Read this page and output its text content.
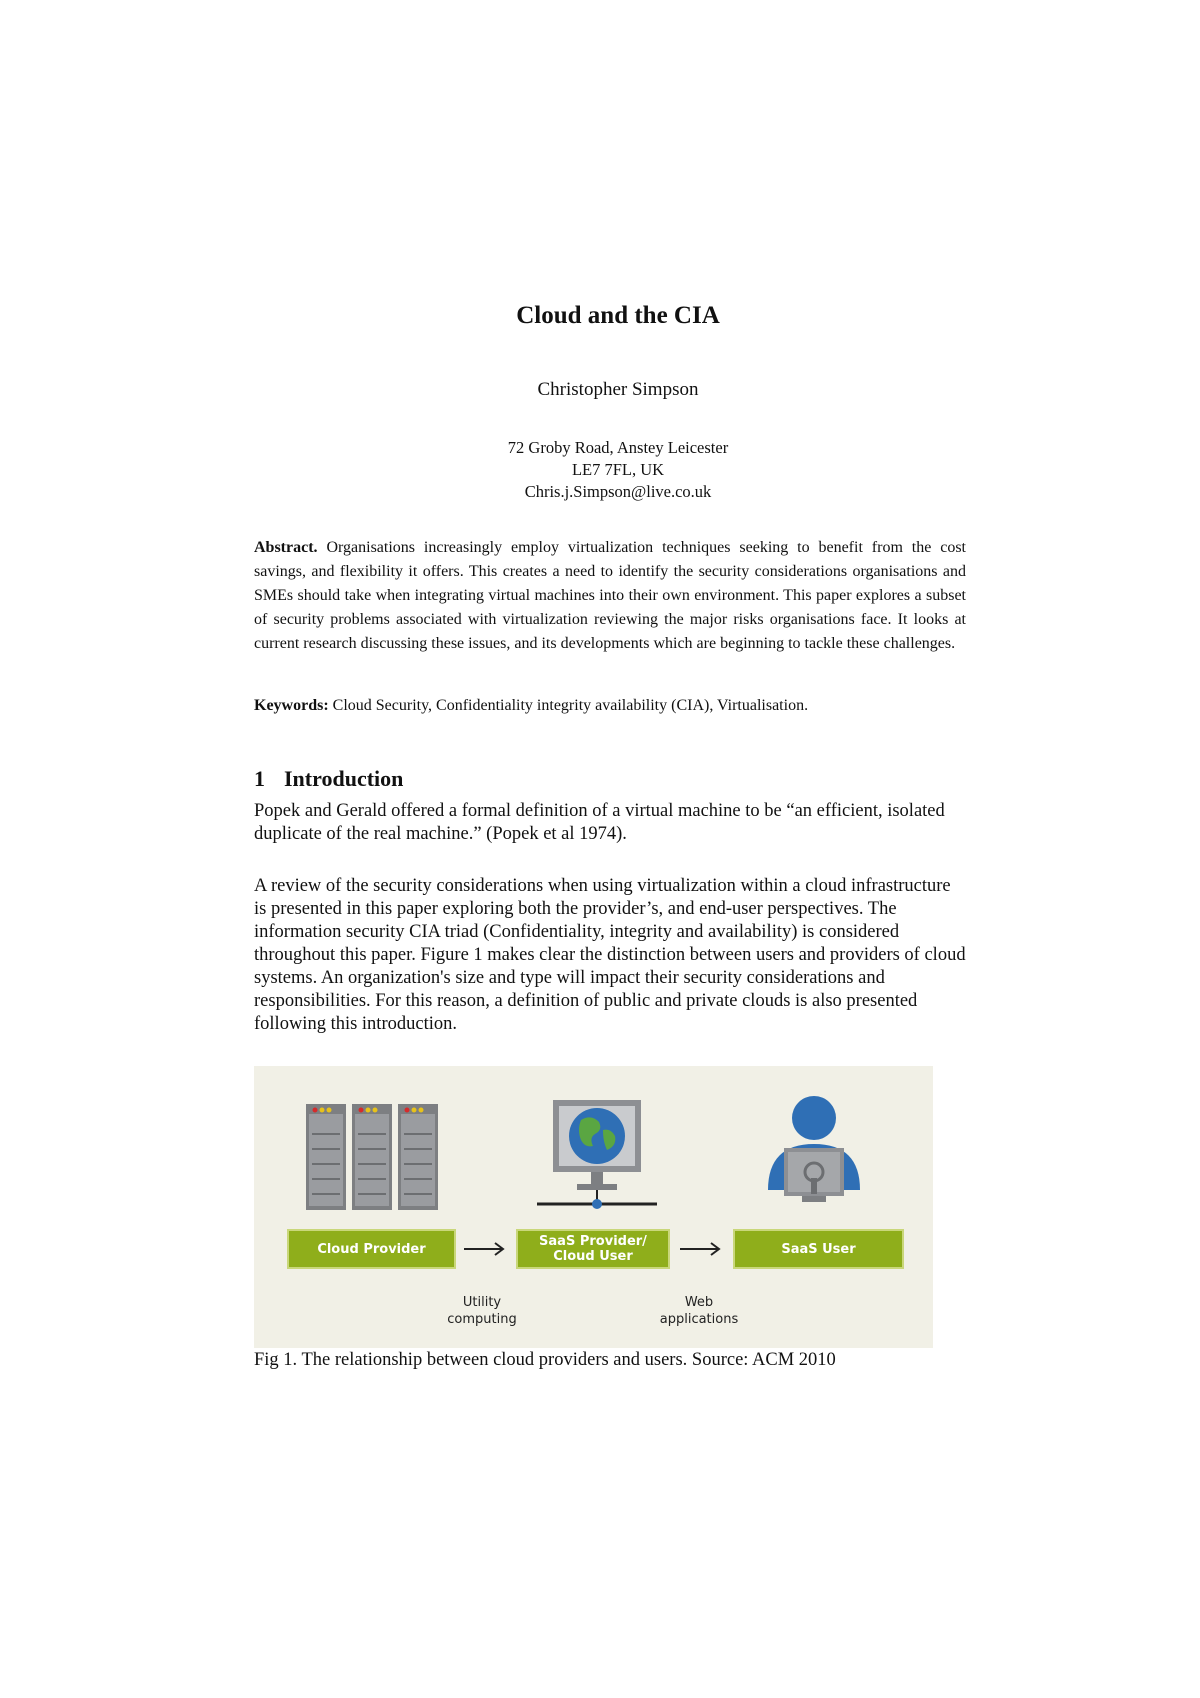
Cloud and the CIA
Christopher Simpson
72 Groby Road, Anstey Leicester
LE7 7FL, UK
Chris.j.Simpson@live.co.uk
Abstract. Organisations increasingly employ virtualization techniques seeking to benefit from the cost savings, and flexibility it offers. This creates a need to identify the security considerations organisations and SMEs should take when integrating virtual machines into their own environment. This paper explores a subset of security problems associated with virtualization reviewing the major risks organisations face. It looks at current research discussing these issues, and its developments which are beginning to tackle these challenges.
Keywords: Cloud Security, Confidentiality integrity availability (CIA), Virtualisation.
1 Introduction
Popek and Gerald offered a formal definition of a virtual machine to be “an efficient, isolated duplicate of the real machine.” (Popek et al 1974).
A review of the security considerations when using virtualization within a cloud infrastructure is presented in this paper exploring both the provider’s, and end-user perspectives. The information security CIA triad (Confidentiality, integrity and availability) is considered throughout this paper. Figure 1 makes clear the distinction between users and providers of cloud systems. An organization's size and type will impact their security considerations and responsibilities. For this reason, a definition of public and private clouds is also presented following this introduction.
Cloud Provider	SaaS Provider/
Cloud User	SaaS User
Utility
computing
Web
applications
Fig 1. The relationship between cloud providers and users. Source: ACM 2010
